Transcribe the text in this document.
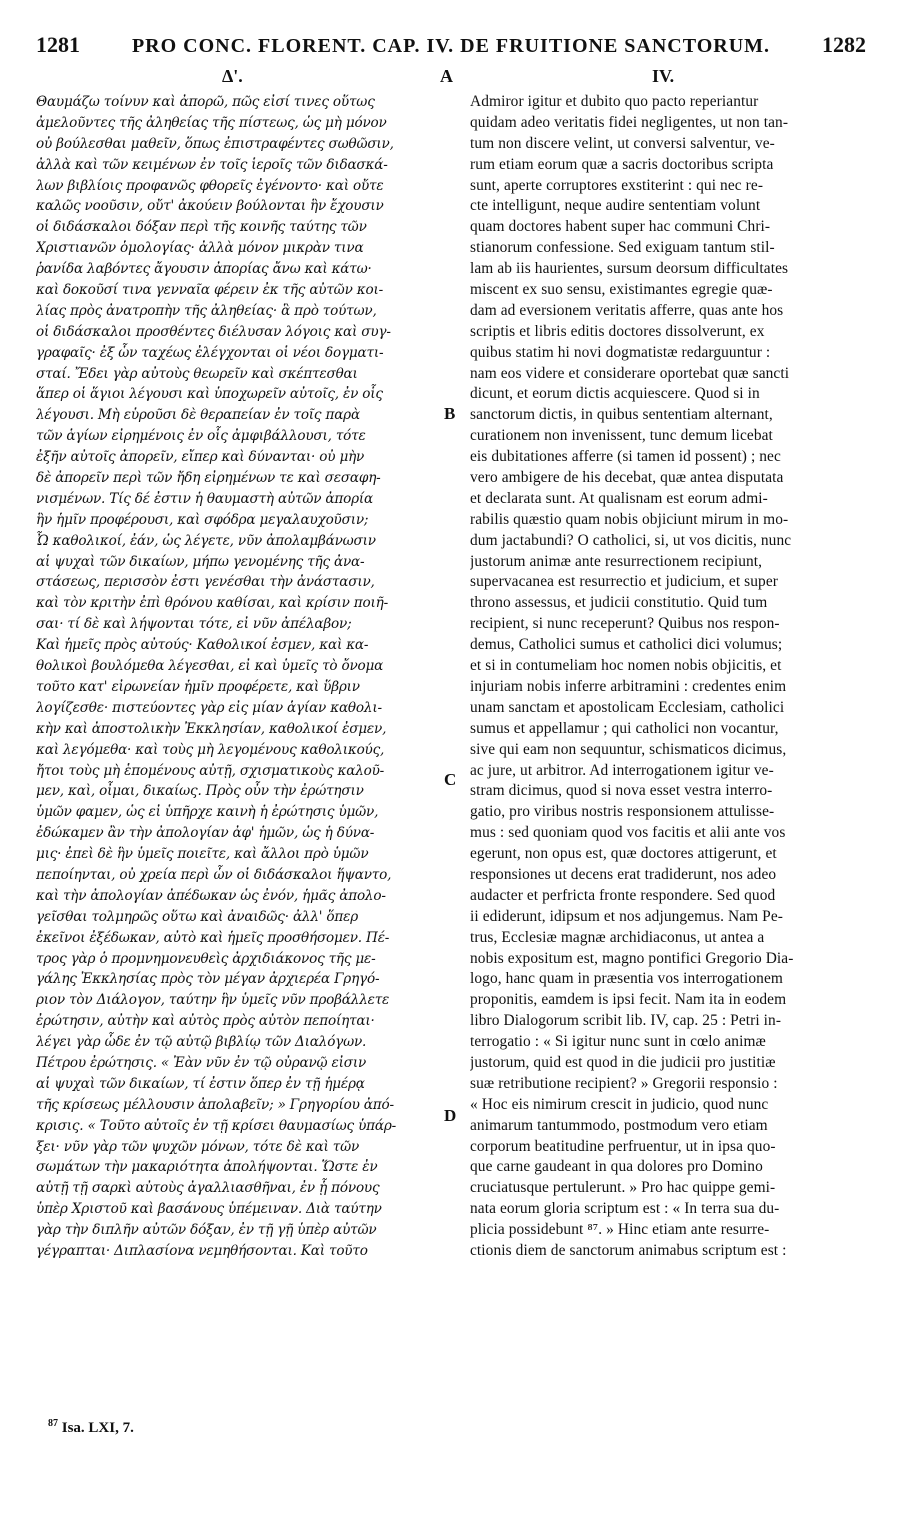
1281	PRO CONC. FLORENT. CAP. IV. DE FRUITIONE SANCTORUM. 1282
Δ'.	A	IV.
Θαυμάζω τοίνυν καὶ ἀπορῶ, πῶς εἰσί τινες οὕτως
ἀμελοῦντες τῆς ἀληθείας τῆς πίστεως, ὡς μὴ μόνον
οὐ βούλεσθαι μαθεῖν, ὅπως ἐπιστραφέντες σωθῶσιν,
ἀλλὰ καὶ τῶν κειμένων ἐν τοῖς ἱεροῖς τῶν διδασκά-
λων βιβλίοις προφανῶς φθορεῖς ἐγένοντο· καὶ οὔτε
καλῶς νοοῦσιν, οὔτ' ἀκούειν βούλονται ἣν ἔχουσιν
οἱ διδάσκαλοι δόξαν περὶ τῆς κοινῆς ταύτης τῶν
Χριστιανῶν ὁμολογίας· ἀλλὰ μόνον μικρὰν τινα
ῥανίδα λαβόντες ἄγουσιν ἀπορίας ἄνω καὶ κάτω·
καὶ δοκοῦσί τινα γενναῖα φέρειν ἐκ τῆς αὐτῶν κοι-
λίας πρὸς ἀνατροπὴν τῆς ἀληθείας· ἃ πρὸ τούτων,
οἱ διδάσκαλοι προσθέντες διέλυσαν λόγοις καὶ συγ-
γραφαῖς· ἐξ ὧν ταχέως ἐλέγχονται οἱ νέοι δογματι-
σταί. Ἔδει γὰρ αὐτοὺς θεωρεῖν καὶ σκέπτεσθαι
ἅπερ οἱ ἅγιοι λέγουσι καὶ ὑποχωρεῖν αὐτοῖς, ἐν οἷς
λέγουσι. Μὴ εὑροῦσι δὲ θεραπείαν ἐν τοῖς παρὰ
τῶν ἁγίων εἰρημένοις ἐν οἷς ἀμφιβάλλουσι, τότε
ἐξῆν αὐτοῖς ἀπορεῖν, εἴπερ καὶ δύνανται· οὐ μὴν
δὲ ἀπορεῖν περὶ τῶν ἤδη εἰρημένων τε καὶ σεσαφη-
νισμένων. Τίς δέ ἐστιν ἡ θαυμαστὴ αὐτῶν ἀπορία
ἣν ἡμῖν προφέρουσι, καὶ σφόδρα μεγαλαυχοῦσιν;
Ὦ καθολικοί, ἐάν, ὡς λέγετε, νῦν ἀπολαμβάνωσιν
αἱ ψυχαὶ τῶν δικαίων, μήπω γενομένης τῆς ἀνα-
στάσεως, περισσὸν ἐστι γενέσθαι τὴν ἀνάστασιν,
καὶ τὸν κριτὴν ἐπὶ θρόνου καθίσαι, καὶ κρίσιν ποιῆ-
σαι· τί δὲ καὶ λήψονται τότε, εἰ νῦν ἀπέλαβον;
Καὶ ἡμεῖς πρὸς αὐτούς· Καθολικοί ἐσμεν, καὶ κα-
θολικοὶ βουλόμεθα λέγεσθαι, εἰ καὶ ὑμεῖς τὸ ὄνομα
τοῦτο κατ' εἰρωνείαν ἡμῖν προφέρετε, καὶ ὕβριν
λογίζεσθε· πιστεύοντες γὰρ εἰς μίαν ἁγίαν καθολι-
κὴν καὶ ἀποστολικὴν Ἐκκλησίαν, καθολικοί ἐσμεν,
καὶ λεγόμεθα· καὶ τοὺς μὴ λεγομένους καθολικούς,
ἤτοι τοὺς μὴ ἑπομένους αὐτῇ, σχισματικοὺς καλοῦ-
μεν, καὶ, οἶμαι, δικαίως. Πρὸς οὖν τὴν ἐρώτησιν
ὑμῶν φαμεν, ὡς εἰ ὑπῆρχε καινὴ ἡ ἐρώτησις ὑμῶν,
ἐδώκαμεν ἂν τὴν ἀπολογίαν ἀφ' ἡμῶν, ὡς ἡ δύνα-
μις· ἐπεὶ δὲ ἣν ὑμεῖς ποιεῖτε, καὶ ἄλλοι πρὸ ὑμῶν
πεποίηνται, οὐ χρεία περὶ ὧν οἱ διδάσκαλοι ἥψαντο,
καὶ τὴν ἀπολογίαν ἀπέδωκαν ὡς ἐνόν, ἡμᾶς ἀπολο-
γεῖσθαι τολμηρῶς οὕτω καὶ ἀναιδῶς· ἀλλ' ὅπερ
ἐκεῖνοι ἐξέδωκαν, αὐτὸ καὶ ἡμεῖς προσθήσομεν. Πέ-
τρος γὰρ ὁ προμνημονευθεὶς ἀρχιδιάκονος τῆς με-
γάλης Ἐκκλησίας πρὸς τὸν μέγαν ἀρχιερέα Γρηγό-
ριον τὸν Διάλογον, ταύτην ἣν ὑμεῖς νῦν προβάλλετε
ἐρώτησιν, αὐτὴν καὶ αὐτὸς πρὸς αὐτὸν πεποίηται·
λέγει γὰρ ὧδε ἐν τῷ αὐτῷ βιβλίῳ τῶν Διαλόγων.
Πέτρου ἐρώτησις. « Ἐὰν νῦν ἐν τῷ οὐρανῷ εἰσιν
αἱ ψυχαὶ τῶν δικαίων, τί ἐστιν ὅπερ ἐν τῇ ἡμέρᾳ
τῆς κρίσεως μέλλουσιν ἀπολαβεῖν; » Γρηγορίου ἀπό-
κρισις. « Τοῦτο αὐτοῖς ἐν τῇ κρίσει θαυμασίως ὑπάρ-
ξει· νῦν γὰρ τῶν ψυχῶν μόνων, τότε δὲ καὶ τῶν
σωμάτων τὴν μακαριότητα ἀπολήψονται. Ὥστε ἐν
αὐτῇ τῇ σαρκὶ αὐτοὺς ἀγαλλιασθῆναι, ἐν ᾗ πόνους
ὑπὲρ Χριστοῦ καὶ βασάνους ὑπέμειναν. Διὰ ταύτην
γὰρ τὴν διπλῆν αὐτῶν δόξαν, ἐν τῇ γῇ ὑπὲρ αὐτῶν
γέγραπται· Διπλασίονα νεμηθήσονται. Καὶ τοῦτο
Admiror igitur et dubito quo pacto reperiantur
quidam adeo veritatis fidei negligentes, ut non tan-
tum non discere velint, ut conversi salventur, ve-
rum etiam eorum quæ a sacris doctoribus scripta
sunt, aperte corruptores exstiterint : qui nec re-
cte intelligunt, neque audire sententiam volunt
quam doctores habent super hac communi Chri-
stianorum confessione. Sed exiguam tantum stil-
lam ab iis haurientes, sursum deorsum difficultates
miscent ex suo sensu, existimantes egregie quæ-
dam ad eversionem veritatis afferre, quas ante hos
scriptis et libris editis doctores dissolverunt, ex
quibus statim hi novi dogmatistæ redarguuntur :
nam eos videre et considerare oportebat quæ sancti
dicunt, et eorum dictis acquiescere. Quod si in
sanctorum dictis, in quibus sententiam alternant,
curationem non invenissent, tunc demum licebat
eis dubitationes afferre (si tamen id possent) ; nec
vero ambigere de his decebat, quæ antea disputata
et declarata sunt. At qualisnam est eorum admi-
rabilis quæstio quam nobis objiciunt mirum in mo-
dum jactabundi? O catholici, si, ut vos dicitis, nunc
justorum animæ ante resurrectionem recipiunt,
supervacanea est resurrectio et judicium, et super
throno assessus, et judicii constitutio. Quid tum
recipient, si nunc receperunt? Quibus nos respon-
demus, Catholici sumus et catholici dici volumus;
et si in contumeliam hoc nomen nobis objicitis, et
injuriam nobis inferre arbitramini : credentes enim
unam sanctam et apostolicam Ecclesiam, catholici
sumus et appellamur ; qui catholici non vocantur,
sive qui eam non sequuntur, schismaticos dicimus,
ac jure, ut arbitror. Ad interrogationem igitur ve-
stram dicimus, quod si nova esset vestra interro-
gatio, pro viribus nostris responsionem attulisse-
mus : sed quoniam quod vos facitis et alii ante vos
egerunt, non opus est, quæ doctores attigerunt, et
responsiones ut decens erat tradiderunt, nos adeo
audacter et perfricta fronte respondere. Sed quod
ii ediderunt, idipsum et nos adjungemus. Nam Pe-
trus, Ecclesiæ magnæ archidiaconus, ut antea a
nobis expositum est, magno pontifici Gregorio Dia-
logo, hanc quam in præsentia vos interrogationem
proponitis, eamdem is ipsi fecit. Nam ita in eodem
libro Dialogorum scribit lib. IV, cap. 25 : Petri in-
terrogatio : « Si igitur nunc sunt in cœlo animæ
justorum, quid est quod in die judicii pro justitiæ
suæ retributione recipient? » Gregorii responsio :
« Hoc eis nimirum crescit in judicio, quod nunc
animarum tantummodo, postmodum vero etiam
corporum beatitudine perfruentur, ut in ipsa quo-
que carne gaudeant in qua dolores pro Domino
cruciatusque pertulerunt. » Pro hac quippe gemi-
nata eorum gloria scriptum est : « In terra sua du-
plicia possidebunt ⁸⁷. » Hinc etiam ante resurre-
ctionis diem de sanctorum animabus scriptum est :
B
C
D
$^{87}$ Isa. LXI, 7.
